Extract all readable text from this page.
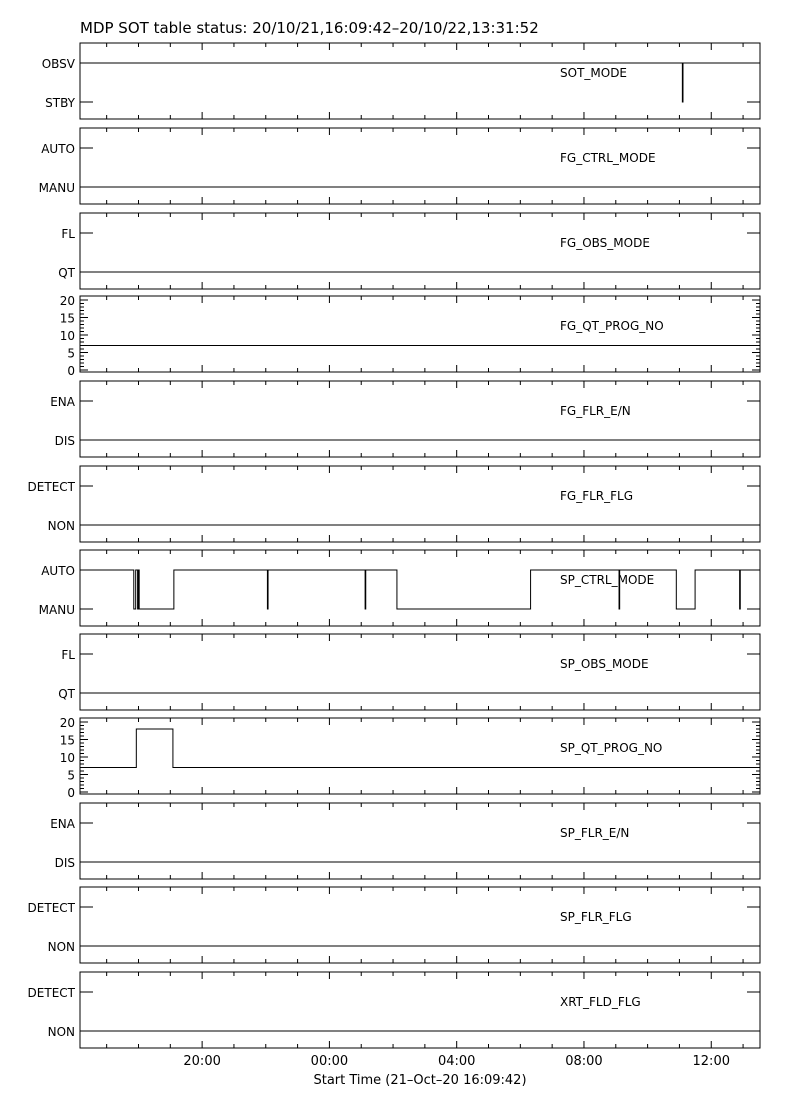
MDP SOT table status: 20/10/21,16:09:42–20/10/22,13:31:52
OBSV
STBY
SOT_MODE
AUTO
MANU
FG_CTRL_MODE
FL
QT
FG_OBS_MODE
20
15
10
5
0
FG_QT_PROG_NO
ENA
DIS
FG_FLR_E/N
DETECT
NON
FG_FLR_FLG
AUTO
MANU
SP_CTRL_MODE
FL
QT
SP_OBS_MODE
20
15
10
5
0
SP_QT_PROG_NO
ENA
DIS
SP_FLR_E/N
DETECT
NON
SP_FLR_FLG
DETECT
NON
XRT_FLD_FLG
20:00	00:00	04:00	08:00	12:00
Start Time (21–Oct–20 16:09:42)
